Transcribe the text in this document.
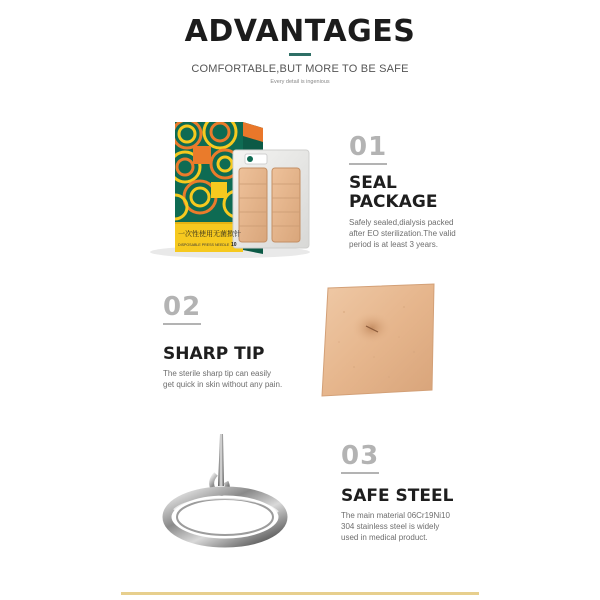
ADVANTAGES
COMFORTABLE,BUT MORE TO BE SAFE
Every detail is ingenious
一次性使用无菌揿针
DISPOSABLE PRESS NEEDLE 10
01
SEAL
PACKAGE
Safely sealed,dialysis packed
after EO sterilization.The valid
period is at least 3 years.
02
SHARP TIP
The sterile sharp tip can easily
get quick in skin without any pain.
03
SAFE STEEL
The main material 06Cr19Ni10
304 stainless steel is widely
used in medical product.
